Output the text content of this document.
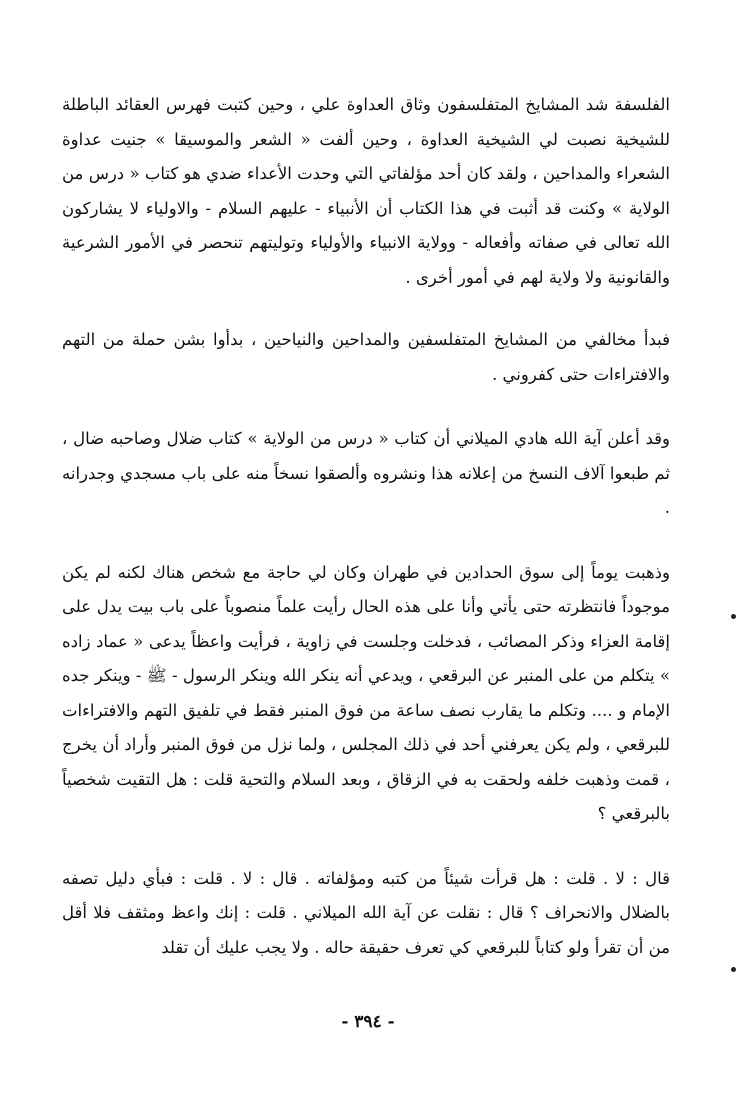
الفلسفة شد المشايخ المتفلسفون وثاق العداوة علي ، وحين كتبت فهرس العقائد الباطلة للشيخية نصبت لي الشيخية العداوة ، وحين ألفت « الشعر والموسيقا » جنيت عداوة الشعراء والمداحين ، ولقد كان أحد مؤلفاتي التي وحدت الأعداء ضدي هو كتاب « درس من الولاية » وكنت قد أثبت في هذا الكتاب أن الأنبياء - عليهم السلام - والاولياء لا يشاركون الله تعالى في صفاته وأفعاله - وولاية الانبياء والأولياء وتوليتهم تنحصر في الأمور الشرعية والقانونية ولا ولاية لهم في أمور أخرى .

فبدأ مخالفي من المشايخ المتفلسفين والمداحين والنياحين ، بدأوا بشن حملة من التهم والافتراءات حتى كفروني .

وقد أعلن آية الله هادي الميلاني أن كتاب « درس من الولاية » كتاب ضلال وصاحبه ضال ، ثم طبعوا آلاف النسخ من إعلانه هذا ونشروه وألصقوا نسخاً منه على باب مسجدي وجدرانه .

وذهبت يوماً إلى سوق الحدادين في طهران وكان لي حاجة مع شخص هناك لكنه لم يكن موجوداً فانتظرته حتى يأتي وأنا على هذه الحال رأيت علماً منصوباً على باب بيت يدل على إقامة العزاء وذكر المصائب ، فدخلت وجلست في زاوية ، فرأيت واعظاً يدعى « عماد زاده » يتكلم من على المنبر عن البرقعي ، ويدعي أنه ينكر الله وينكر الرسول - ﷺ - وينكر جده الإمام و .... وتكلم ما يقارب نصف ساعة من فوق المنبر فقط في تلفيق التهم والافتراءات للبرقعي ، ولم يكن يعرفني أحد في ذلك المجلس ، ولما نزل من فوق المنبر وأراد أن يخرج ، قمت وذهبت خلفه ولحقت به في الزقاق ، وبعد السلام والتحية قلت : هل التقيت شخصياً بالبرقعي ؟

قال : لا . قلت : هل قرأت شيئاً من كتبه ومؤلفاته . قال : لا . قلت : فبأي دليل تصفه بالضلال والانحراف ؟ قال : نقلت عن آية الله الميلاني . قلت : إنك واعظ ومثقف فلا أقل من أن تقرأ ولو كتاباً للبرقعي كي تعرف حقيقة حاله . ولا يجب عليك أن تقلد

- ٣٩٤ -
